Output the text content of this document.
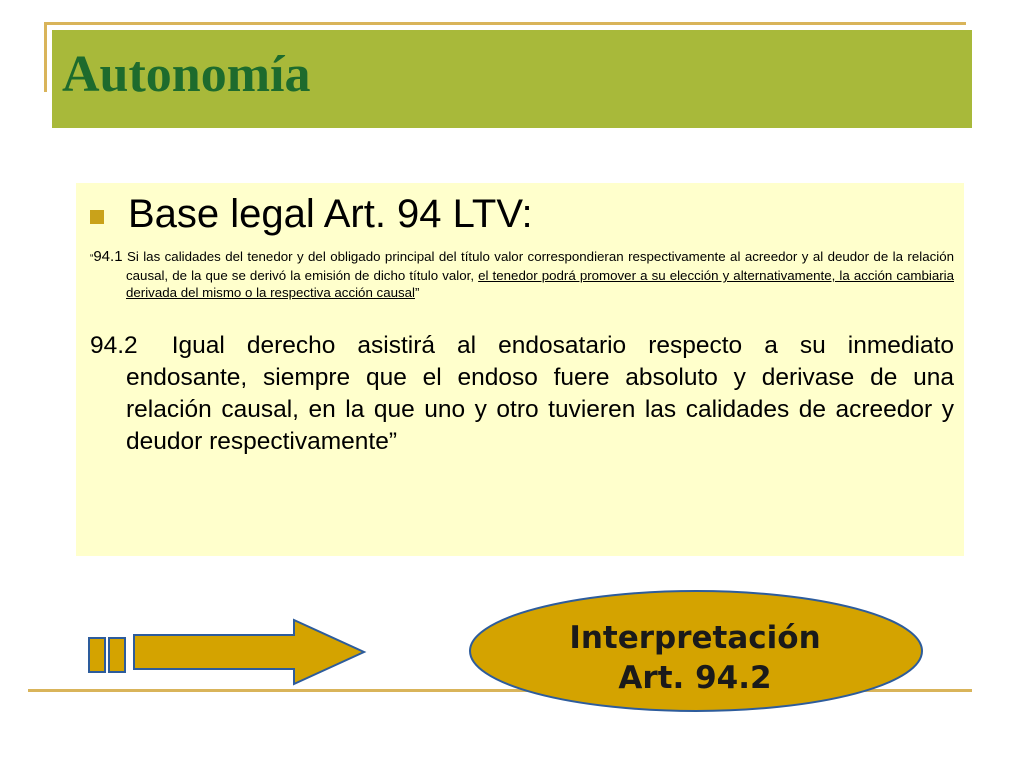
Autonomía
Base legal Art. 94 LTV:
“94.1 Si las calidades del tenedor y del obligado principal del título valor correspondieran respectivamente al acreedor y al deudor de la relación causal, de la que se derivó la emisión de dicho título valor, el tenedor podrá promover a su elección y alternativamente, la acción cambiaria derivada del mismo o la respectiva acción causal”
94.2 Igual derecho asistirá al endosatario respecto a su inmediato endosante, siempre que el endoso fuere absoluto y derivase de una relación causal, en la que uno y otro tuvieren las calidades de acreedor y deudor respectivamente”
Interpretación
Art. 94.2
